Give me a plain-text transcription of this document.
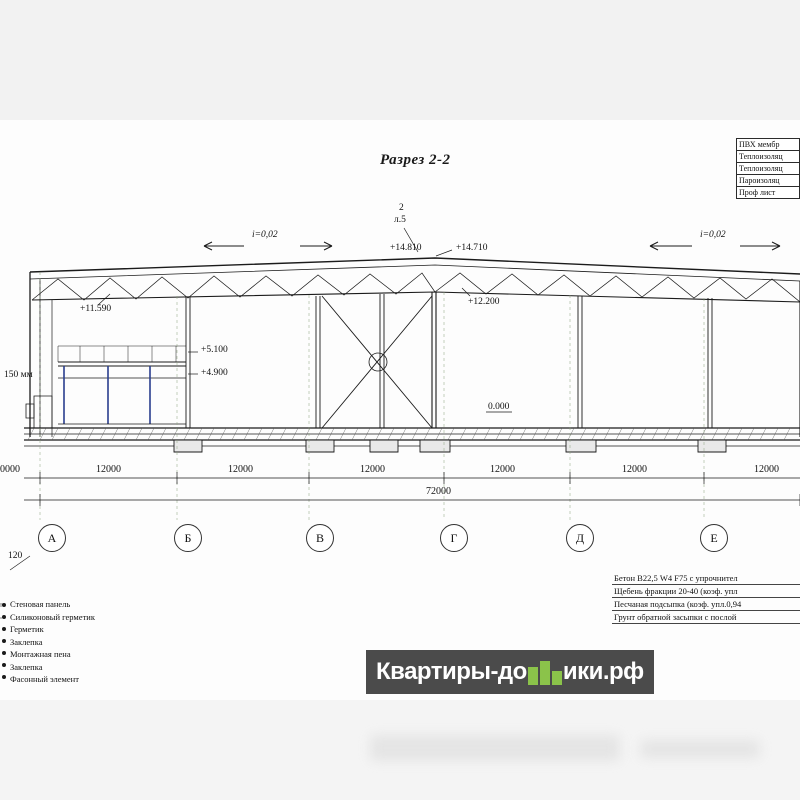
Разрез 2-2
i=0,02	i=0,02
2
л.5
+14.810	+14.710
+12.200
+11.590
+5.100
+4.900
0.000
150 мм
120
0000	12000	12000	12000	12000	12000	12000
72000
А	Б	В	Г	Д	Е
ПВХ мембр
Теплоизоляц
Теплоизоляц
Пароизоляц
Проф лист
Бетон В22,5 W4 F75 с упрочнител
Щебень фракции 20-40 (коэф. упл
Песчаная подсыпка (коэф. упл.0,94
Грунт обратной засыпки с послой
Стеновая панель
Силиконовый герметик
Герметик
Заклепка
Монтажная пена
Заклепка
Фасонный элемент	Квартиры-до ики.рф
